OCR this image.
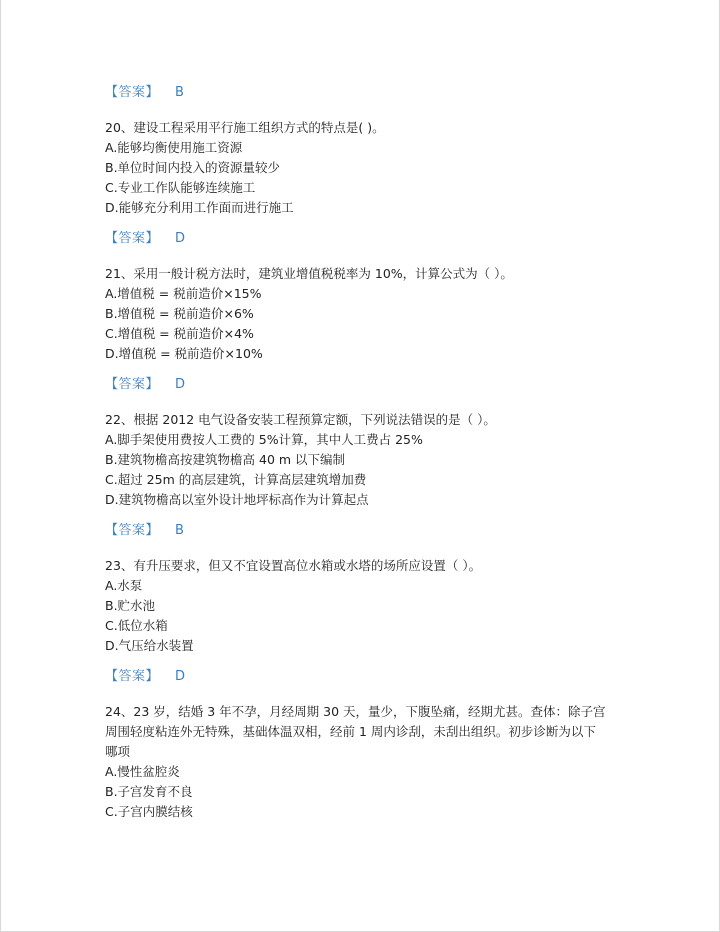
【答案】 B
20、建设工程采用平行施工组织方式的特点是( )。
A.能够均衡使用施工资源
B.单位时间内投入的资源量较少
C.专业工作队能够连续施工
D.能够充分利用工作面而进行施工
【答案】 D
21、采用一般计税方法时，建筑业增值税税率为 10%，计算公式为（ ）。
A.增值税 = 税前造价×15%
B.增值税 = 税前造价×6%
C.增值税 = 税前造价×4%
D.增值税 = 税前造价×10%
【答案】 D
22、根据 2012 电气设备安装工程预算定额，下列说法错误的是（ ）。
A.脚手架使用费按人工费的 5%计算，其中人工费占 25%
B.建筑物檐高按建筑物檐高 40 m 以下编制
C.超过 25m 的高层建筑，计算高层建筑增加费
D.建筑物檐高以室外设计地坪标高作为计算起点
【答案】 B
23、有升压要求，但又不宜设置高位水箱或水塔的场所应设置（ ）。
A.水泵
B.贮水池
C.低位水箱
D.气压给水装置
【答案】 D
24、23 岁，结婚 3 年不孕，月经周期 30 天，量少，下腹坠痛，经期尤甚。查体：除子宫
周围轻度粘连外无特殊，基础体温双相，经前 1 周内诊刮，未刮出组织。初步诊断为以下
哪项
A.慢性盆腔炎
B.子宫发育不良
C.子宫内膜结核
